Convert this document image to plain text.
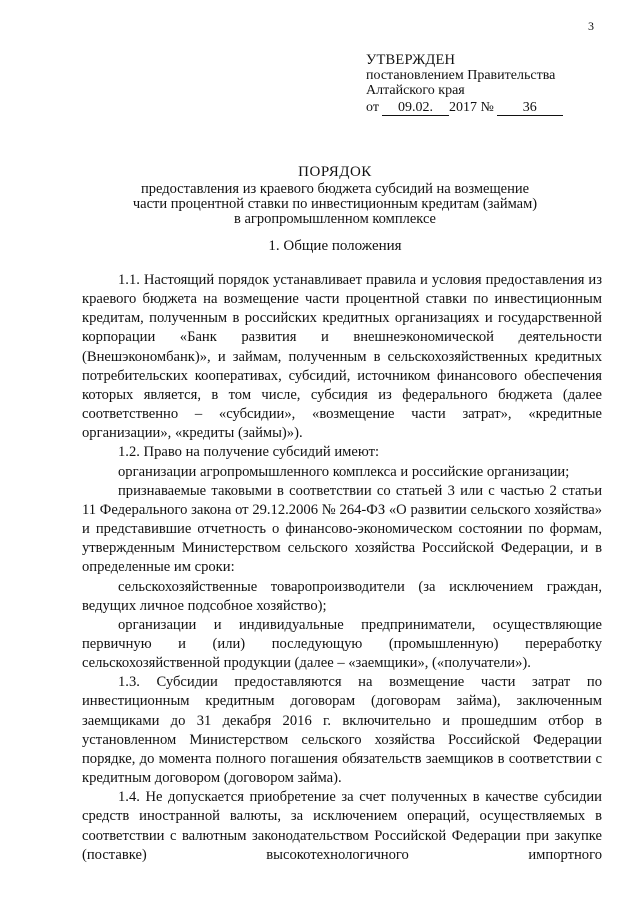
3
УТВЕРЖДЕН
постановлением Правительства
Алтайского края
от 09.02. 2017 № 36
ПОРЯДОК
предоставления из краевого бюджета субсидий на возмещение
части процентной ставки по инвестиционным кредитам (займам)
в агропромышленном комплексе
1. Общие положения

1.1. Настоящий порядок устанавливает правила и условия предоставления из краевого бюджета на возмещение части процентной ставки по инвестиционным кредитам, полученным в российских кредитных организациях и государственной корпорации «Банк развития и внешнеэкономической деятельности (Внешэкономбанк)», и займам, полученным в сельскохозяйственных кредитных потребительских кооперативах, субсидий, источником финансового обеспечения которых является, в том числе, субсидия из федерального бюджета (далее соответственно – «субсидии», «возмещение части затрат», «кредитные организации», «кредиты (займы)»).

1.2. Право на получение субсидий имеют:

организации агропромышленного комплекса и российские организации;

признаваемые таковыми в соответствии со статьей 3 или с частью 2 статьи 11 Федерального закона от 29.12.2006 № 264-ФЗ «О развитии сельского хозяйства» и представившие отчетность о финансово-экономическом состоянии по формам, утвержденным Министерством сельского хозяйства Российской Федерации, и в определенные им сроки:

сельскохозяйственные товаропроизводители (за исключением граждан, ведущих личное подсобное хозяйство);

организации и индивидуальные предприниматели, осуществляющие первичную и (или) последующую (промышленную) переработку сельскохозяйственной продукции (далее – «заемщики», («получатели»).

1.3. Субсидии предоставляются на возмещение части затрат по инвестиционным кредитным договорам (договорам займа), заключенным заемщиками до 31 декабря 2016 г. включительно и прошедшим отбор в установленном Министерством сельского хозяйства Российской Федерации порядке, до момента полного погашения обязательств заемщиков в соответствии с кредитным договором (договором займа).

1.4. Не допускается приобретение за счет полученных в качестве субсидии средств иностранной валюты, за исключением операций, осуществляемых в соответствии с валютным законодательством Российской Федерации при закупке (поставке) высокотехнологичного импортного
